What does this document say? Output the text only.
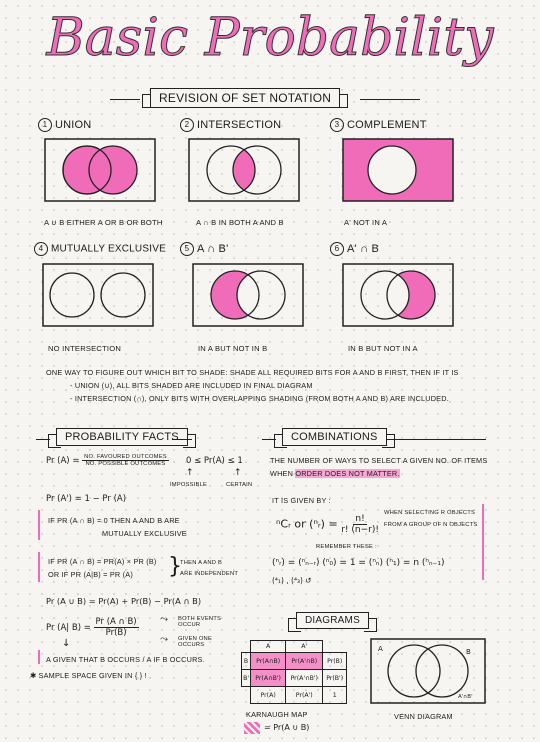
Basic Probability
REVISION OF SET NOTATION
1 UNION	2 INTERSECTION	3 COMPLEMENT
A ∪ B EITHER A OR B OR BOTH	A ∩ B IN BOTH A AND B	A' NOT IN A
4 MUTUALLY EXCLUSIVE	5 A ∩ B'	6 A' ∩ B
NO INTERSECTION	IN A BUT NOT IN B	IN B BUT NOT IN A
ONE WAY TO FIGURE OUT WHICH BIT TO SHADE: SHADE ALL REQUIRED BITS FOR A AND B FIRST, THEN IF IT IS
- UNION (∪), ALL BITS SHADED ARE INCLUDED IN FINAL DIAGRAM
- INTERSECTION (∩), ONLY BITS WITH OVERLAPPING SHADING (FROM BOTH A AND B) ARE INCLUDED.
PROBABILITY FACTS	COMBINATIONS
Pr $(A) = \frac{\text{NO. FAVOURED OUTCOMES}}{\text{NO. POSSIBLE OUTCOMES}} 0 \le Pr(A) \le 1$
↑	↑
IMPOSSIBLE	CERTAIN
Pr (A') = 1 − Pr (A)
IF PR (A ∩ B) = 0 THEN A AND B ARE
MUTUALLY EXCLUSIVE
IF PR (A ∩ B) = PR(A) × PR (B)
OR IF PR (A|B) = PR (A) }
THEN A AND B
ARE INDEPENDENT
Pr (A ∪ B) = Pr(A) + Pr(B) − Pr(A ∩ B)
Pr (A| $B) = \frac{Pr (A \cap B)}{Pr(B)}$ ⤳ BOTH EVENTS OCCUR
⤳ GIVEN ONE OCCURS
↓
A GIVEN THAT B OCCURS / A IF B OCCURS.
✱ SAMPLE SPACE GIVEN IN { } !
THE NUMBER OF WAYS TO SELECT A GIVEN NO. OF ITEMS
WHEN ORDER DOES NOT MATTER.
IT IS GIVEN BY :
ⁿCᵣ or (ⁿᵣ) = $\frac{n!}{r! (n-r)!}$
WHEN SELECTING R OBJECTS
FROM A GROUP OF N OBJECTS
REMEMBER THESE :
(ⁿᵣ) = (ⁿₙ₋ᵣ) (ⁿ₀) = 1 = (ⁿₙ) (ⁿ₁) = n (ⁿₙ₋₁)
(⁴₁) , (⁴₃) ↺
DIAGRAMS
	A	A'	
B	Pr(A∩B)	Pr(A'∩B)	Pr(B)
B'	Pr(A∩B')	Pr(A'∩B')	Pr(B')
	Pr(A)	Pr(A')	1
KARNAUGH MAP
= Pr(A ∪ B)
A	B
A'∩B'
VENN DIAGRAM
